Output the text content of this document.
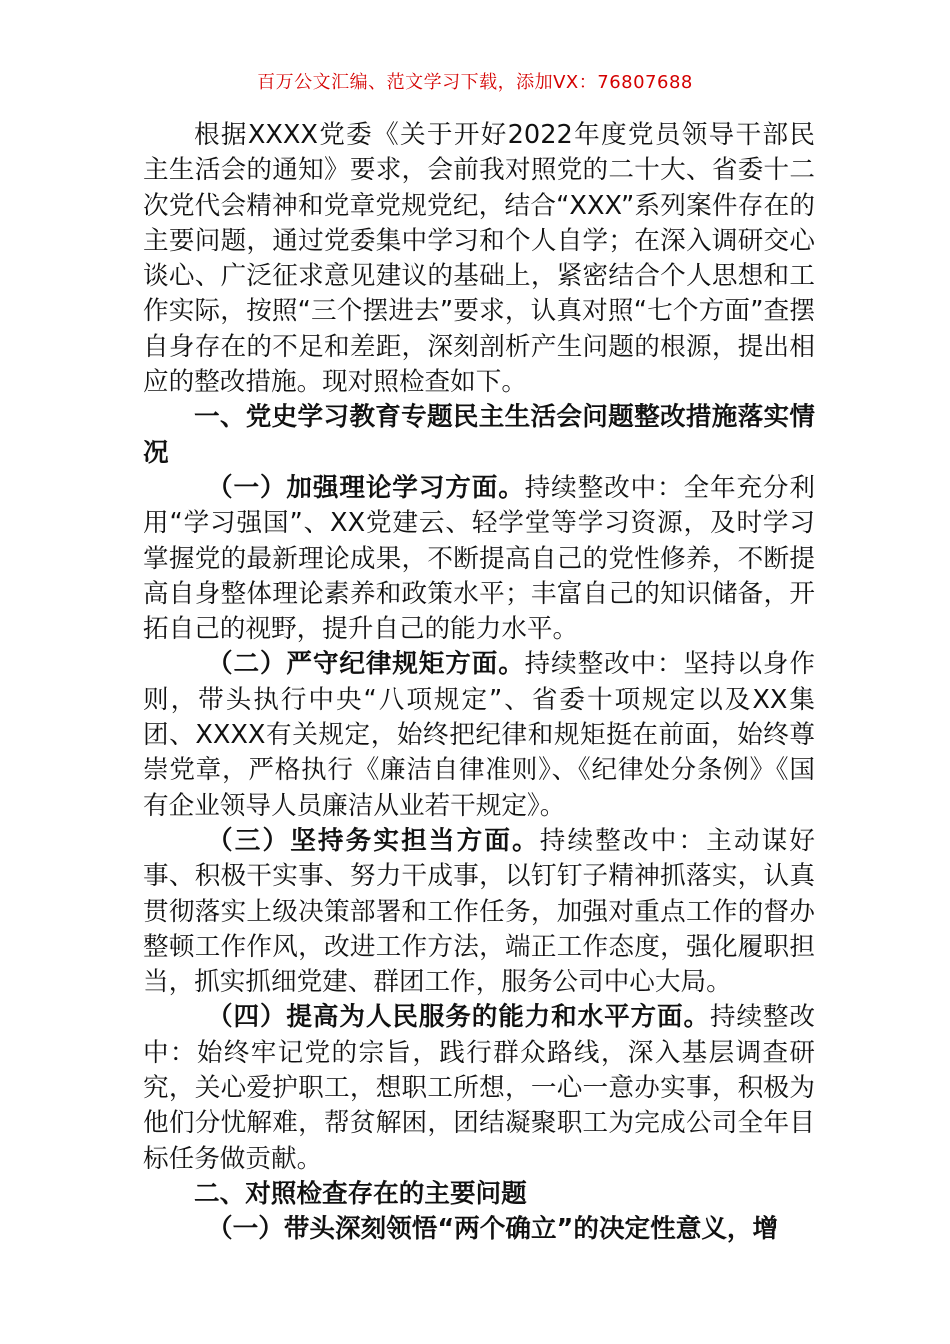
百万公文汇编、范文学习下载，添加VX：76807688

根据XXXX党委《关于开好2022年度党员领导干部民主生活会的通知》要求，会前我对照党的二十大、省委十二次党代会精神和党章党规党纪，结合“XXX”系列案件存在的主要问题，通过党委集中学习和个人自学；在深入调研交心谈心、广泛征求意见建议的基础上，紧密结合个人思想和工作实际，按照“三个摆进去”要求，认真对照“七个方面”查摆自身存在的不足和差距，深刻剖析产生问题的根源，提出相应的整改措施。现对照检查如下。

一、党史学习教育专题民主生活会问题整改措施落实情况

（一）加强理论学习方面。持续整改中：全年充分利用“学习强国”、XX党建云、轻学堂等学习资源，及时学习掌握党的最新理论成果，不断提高自己的党性修养，不断提高自身整体理论素养和政策水平；丰富自己的知识储备，开拓自己的视野，提升自己的能力水平。

（二）严守纪律规矩方面。持续整改中：坚持以身作则，带头执行中央“八项规定”、省委十项规定以及XX集团、XXXX有关规定，始终把纪律和规矩挺在前面，始终尊崇党章，严格执行《廉洁自律准则》、《纪律处分条例》《国有企业领导人员廉洁从业若干规定》。

（三）坚持务实担当方面。持续整改中：主动谋好事、积极干实事、努力干成事，以钉钉子精神抓落实，认真贯彻落实上级决策部署和工作任务，加强对重点工作的督办整顿工作作风，改进工作方法，端正工作态度，强化履职担当，抓实抓细党建、群团工作，服务公司中心大局。

（四）提高为人民服务的能力和水平方面。持续整改中：始终牢记党的宗旨，践行群众路线，深入基层调查研究，关心爱护职工，想职工所想，一心一意办实事，积极为他们分忧解难，帮贫解困，团结凝聚职工为完成公司全年目标任务做贡献。

二、对照检查存在的主要问题

（一）带头深刻领悟“两个确立”的决定性意义，增
